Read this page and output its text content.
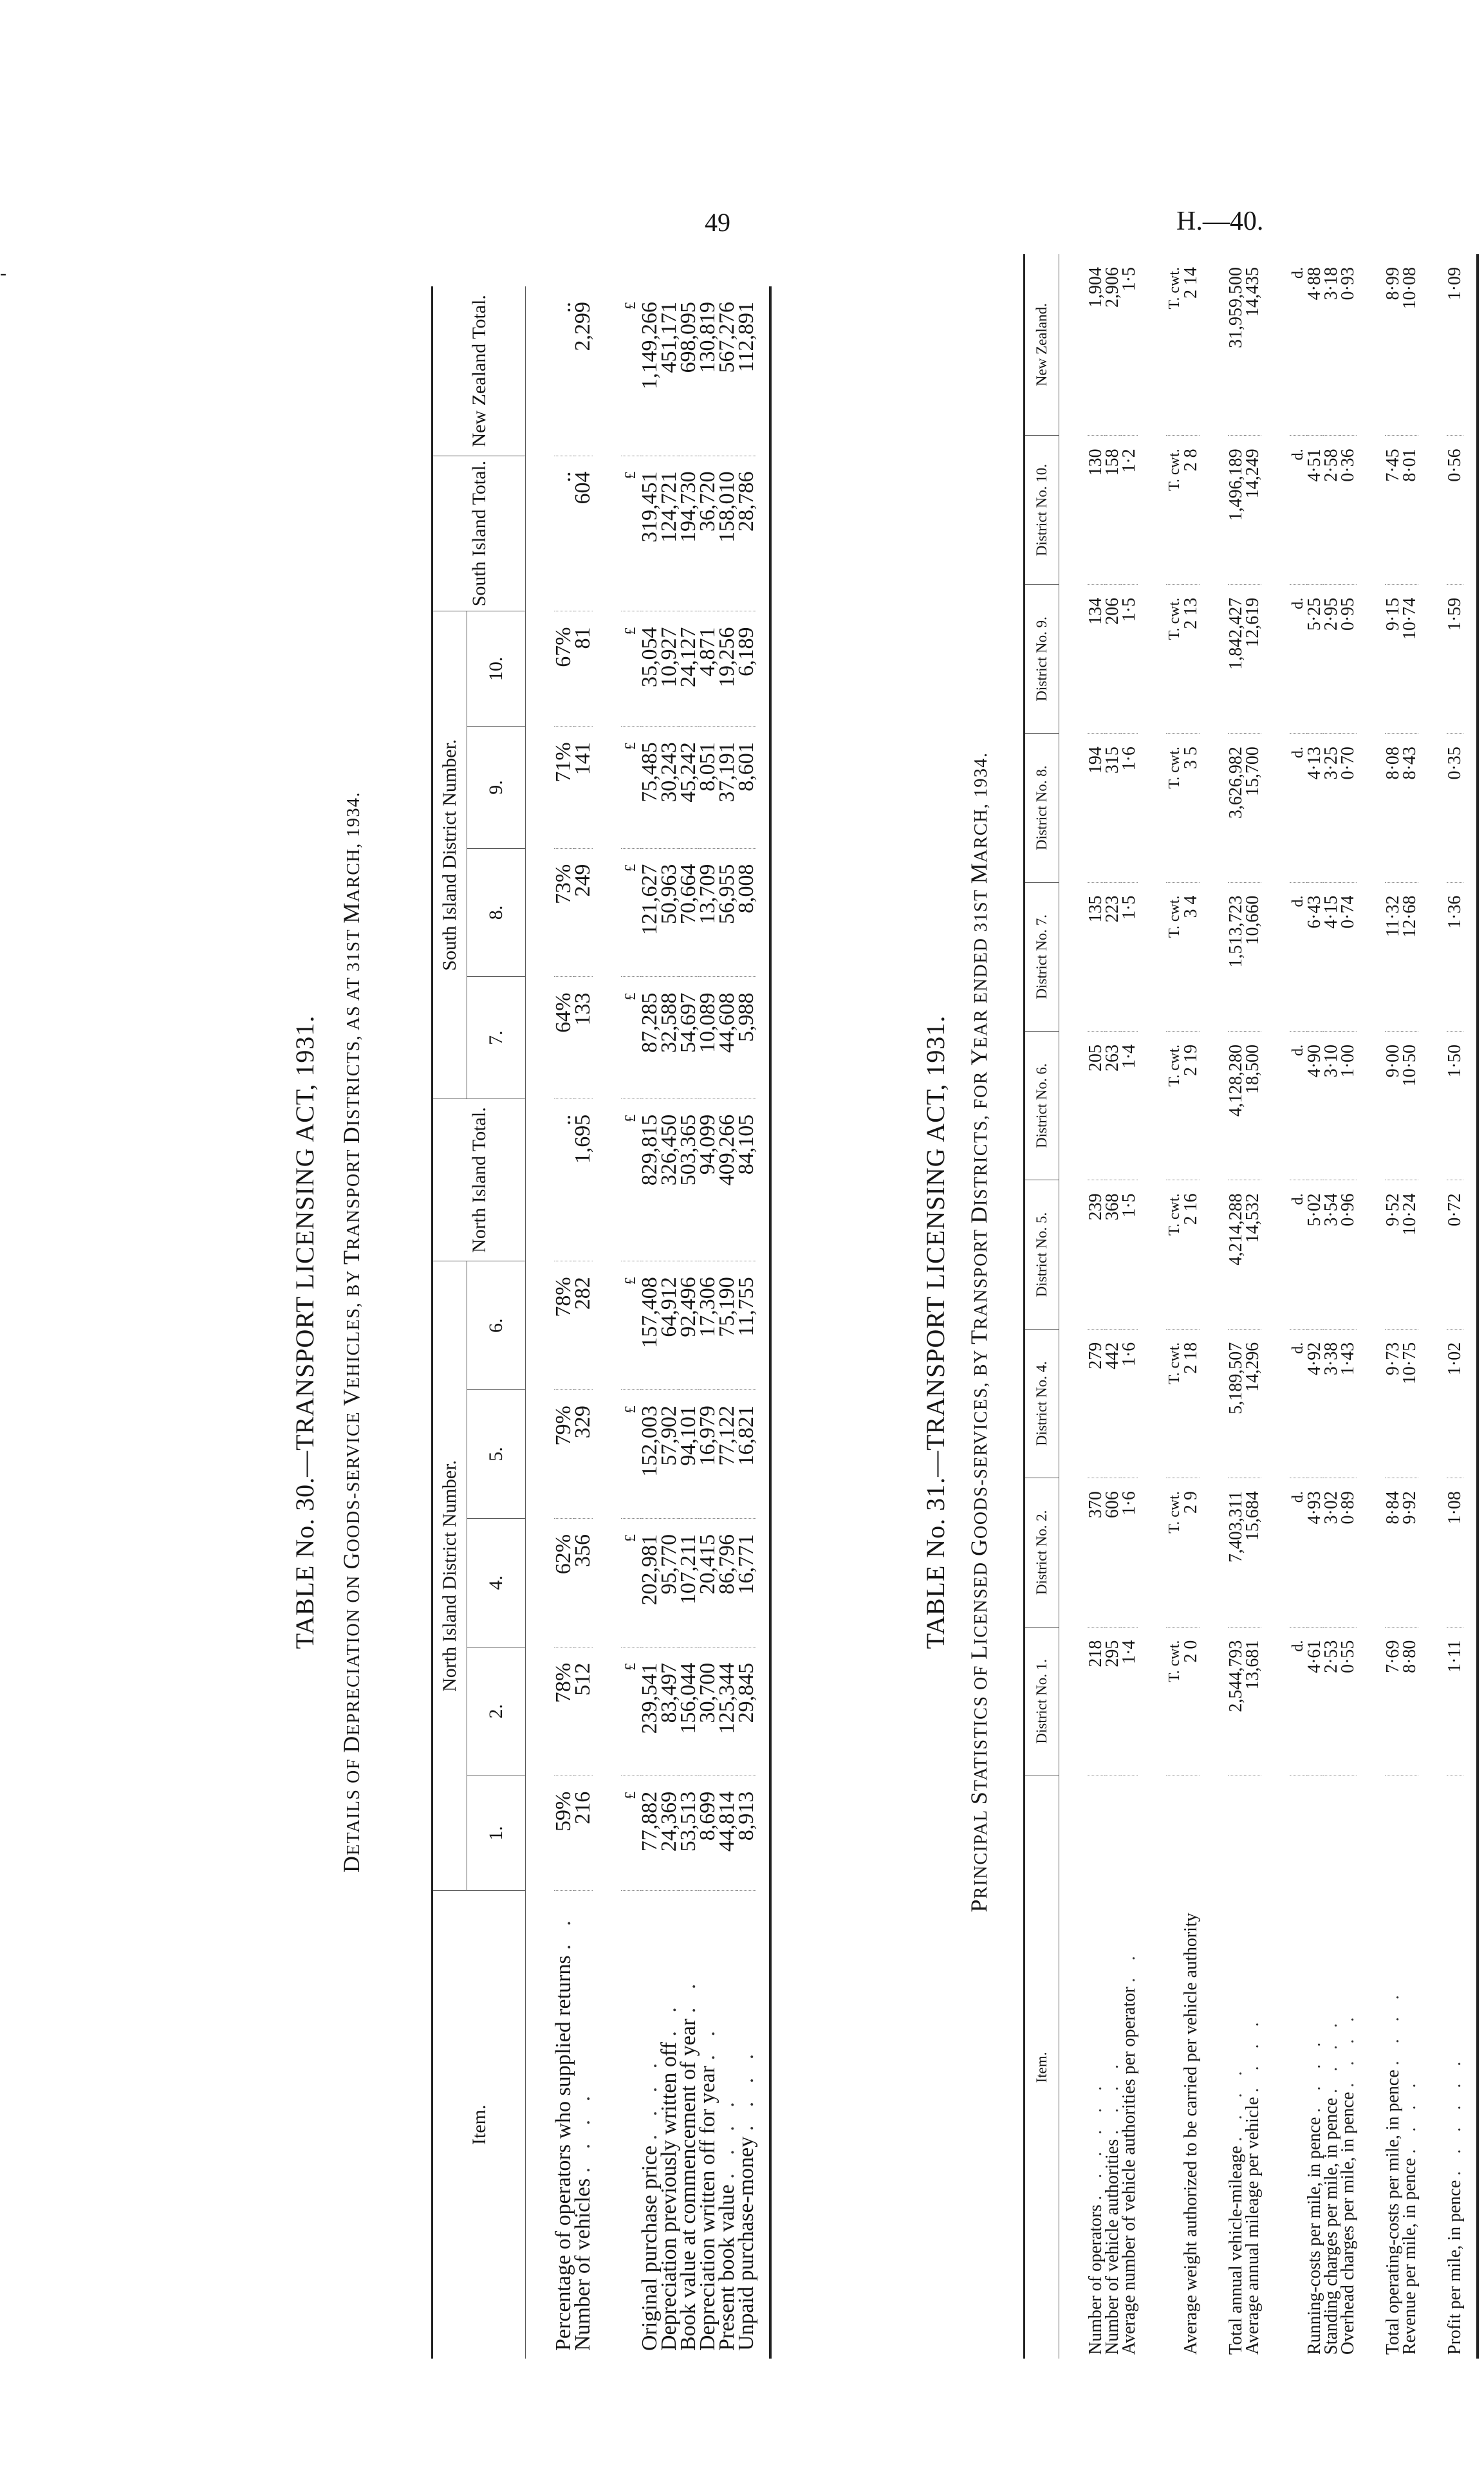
49	H.—40.
-
TABLE No. 30.—TRANSPORT LICENSING ACT, 1931.
DETAILS OF DEPRECIATION ON GOODS-SERVICE VEHICLES, BY TRANSPORT DISTRICTS, AS AT 31ST MARCH, 1934.
Item.	North Island District Number.					North Island Total.	South Island District Number.				South Island Total.	New Zealand Total.
	1.	2.	4.	5.	6.		7.	8.	9.	10.		

Percentage of operators who supplied returns . .	59%	78%	62%	79%	78%	..	64%	73%	71%	67%	..	..
Number of vehicles . . . .	216	512	356	329	282	1,695	133	249	141	81	604	2,299

	£	£	£	£	£	£	£	£	£	£	£	£
Original purchase price . . . .	77,882	239,541	202,981	152,003	157,408	829,815	87,285	121,627	75,485	35,054	319,451	1,149,266
Depreciation previously written off . .	24,369	83,497	95,770	57,902	64,912	326,450	32,588	50,963	30,243	10,927	124,721	451,171
Book value at commencement of year . .	53,513	156,044	107,211	94,101	92,496	503,365	54,697	70,664	45,242	24,127	194,730	698,095
Depreciation written off for year . .	8,699	30,700	20,415	16,979	17,306	94,099	10,089	13,709	8,051	4,871	36,720	130,819
Present book value . . . .	44,814	125,344	86,796	77,122	75,190	409,266	44,608	56,955	37,191	19,256	158,010	567,276
Unpaid purchase-money . . . .	8,913	29,845	16,771	16,821	11,755	84,105	5,988	8,008	8,601	6,189	28,786	112,891

TABLE No. 31.—TRANSPORT LICENSING ACT, 1931.
PRINCIPAL STATISTICS OF LICENSED GOODS-SERVICES, BY TRANSPORT DISTRICTS, FOR YEAR ENDED 31ST MARCH, 1934.
Item.	District No. 1.	District No. 2.	District No. 4.	District No. 5.	District No. 6.	District No. 7.	District No. 8.	District No. 9.	District No. 10.	New Zealand.

Number of operators . . . . . .	218	370	279	239	205	135	194	134	130	1,904
Number of vehicle authorities . . . .	295	606	442	368	263	223	315	206	158	2,906
Average number of vehicle authorities per operator . .	1·4	1·6	1·6	1·5	1·4	1·5	1·6	1·5	1·2	1·5

	T. cwt.	T. cwt.	T. cwt.	T. cwt.	T. cwt.	T. cwt.	T. cwt.	T. cwt.	T. cwt.	T. cwt.
Average weight authorized to be carried per vehicle authority	2 0	2 9	2 18	2 16	2 19	3 4	3 5	2 13	2 8	2 14

Total annual vehicle-mileage . . . .	2,544,793	7,403,311	5,189,507	4,214,288	4,128,280	1,513,723	3,626,982	1,842,427	1,496,189	31,959,500
Average annual mileage per vehicle . . . .	13,681	15,684	14,296	14,532	18,500	10,660	15,700	12,619	14,249	14,435

	d.	d.	d.	d.	d.	d.	d.	d.	d.	d.
Running-costs per mile, in pence . . . .	4·61	4·93	4·92	5·02	4·90	6·43	4·13	5·25	4·51	4·88
Standing charges per mile, in pence . . . .	2·53	3·02	3·38	3·54	3·10	4·15	3·25	2·95	2·58	3·18
Overhead charges per mile, in pence . . . .	0·55	0·89	1·43	0·96	1·00	0·74	0·70	0·95	0·36	0·93

Total operating-costs per mile, in pence . . . .	7·69	8·84	9·73	9·52	9·00	11·32	8·08	9·15	7·45	8·99
Revenue per mile, in pence . . . .	8·80	9·92	10·75	10·24	10·50	12·68	8·43	10·74	8·01	10·08

Profit per mile, in pence . . . . . .	1·11	1·08	1·02	0·72	1·50	1·36	0·35	1·59	0·56	1·09
